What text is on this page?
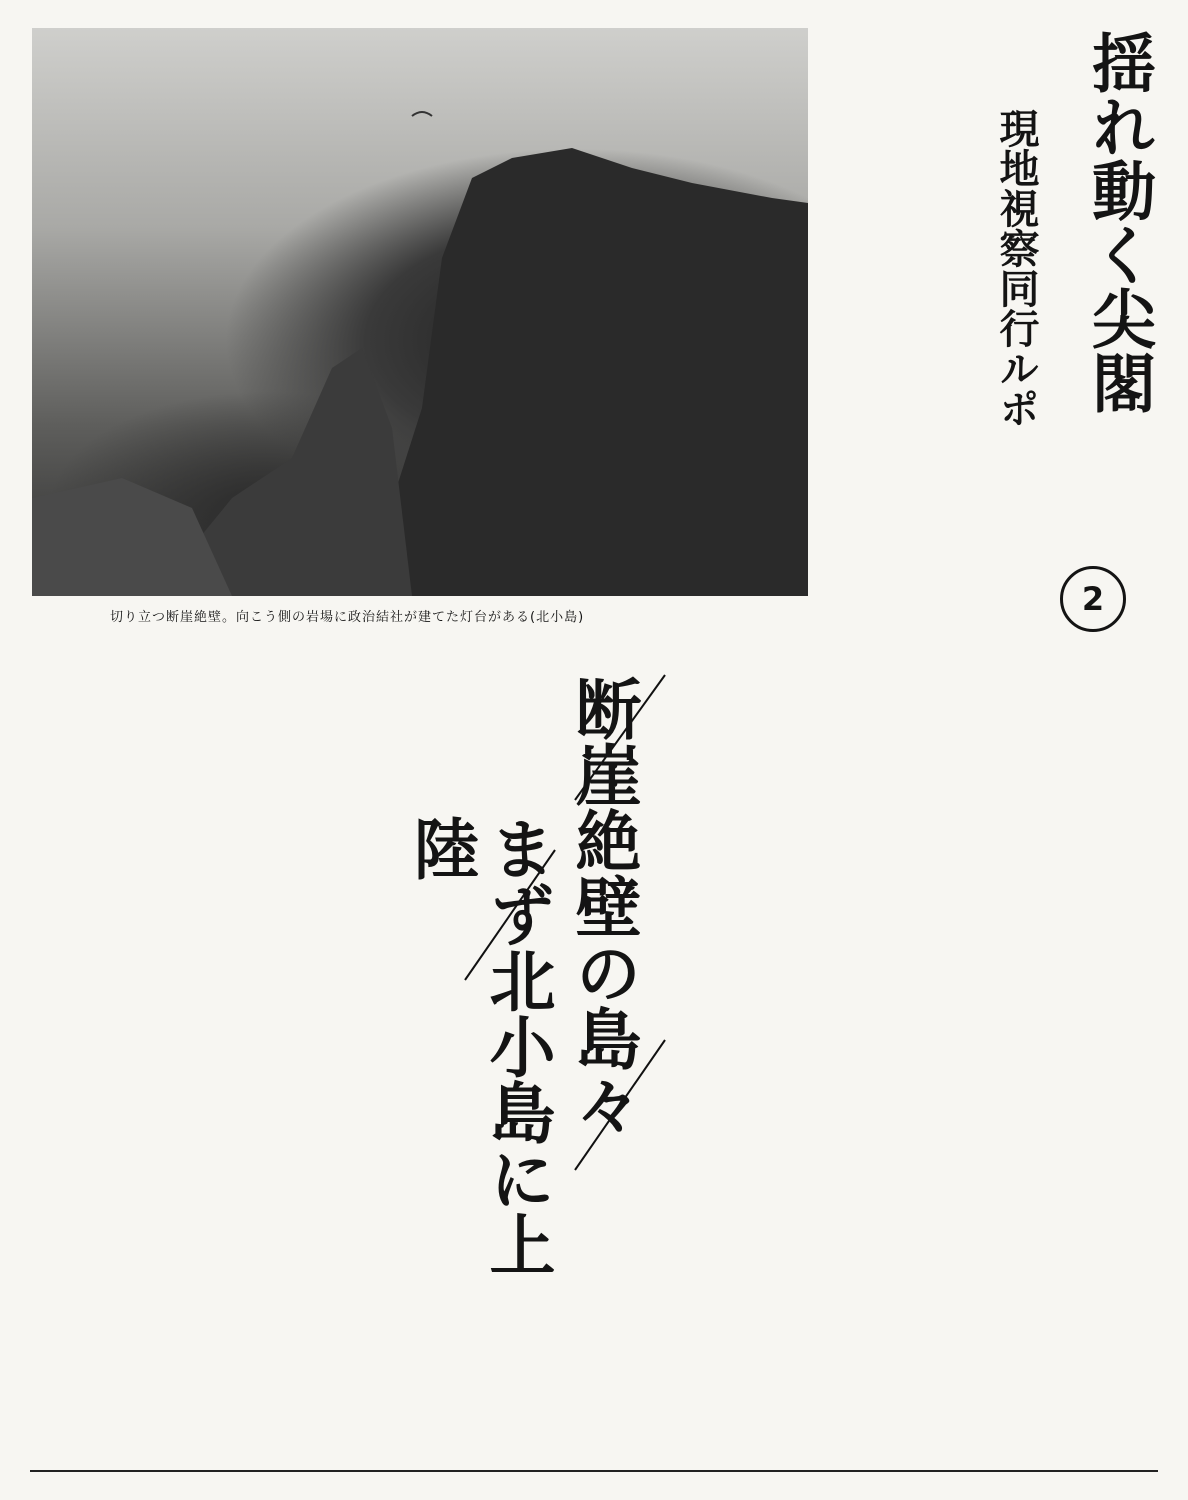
切り立つ断崖絶壁。向こう側の岩場に政治結社が建てた灯台がある(北小島)
揺れ動く尖閣
現地視察同行ルポ
2
断崖絶壁の島々
まず北小島に上陸
